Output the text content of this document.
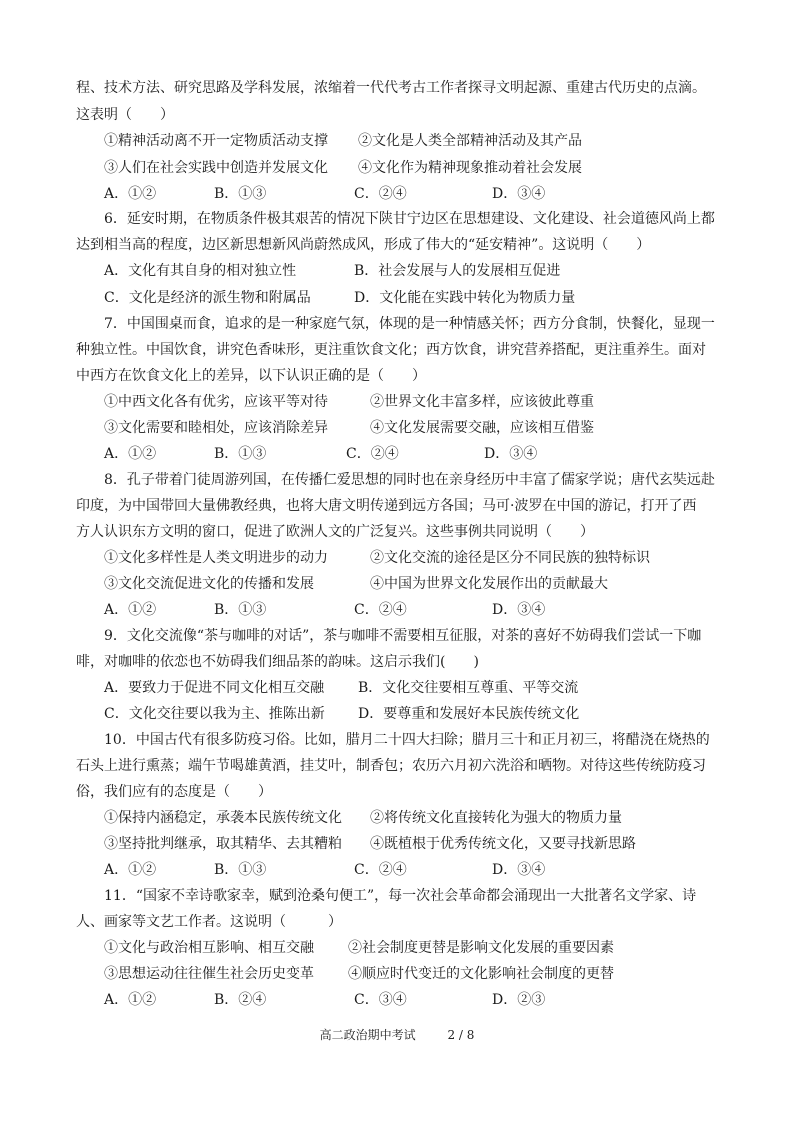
程、技术方法、研究思路及学科发展，浓缩着一代代考古工作者探寻文明起源、重建古代历史的点滴。
这表明（　　）
①精神活动离不开一定物质活动支撑 ②文化是人类全部精神活动及其产品
③人们在社会实践中创造并发展文化 ④文化作为精神现象推动着社会发展
A．①②	B．①③	C．②④	D．③④
6．延安时期，在物质条件极其艰苦的情况下陕甘宁边区在思想建设、文化建设、社会道德风尚上都
达到相当高的程度，边区新思想新风尚蔚然成风，形成了伟大的“延安精神”。这说明（　　）
A．文化有其自身的相对独立性	B．社会发展与人的发展相互促进
C．文化是经济的派生物和附属品	D．文化能在实践中转化为物质力量
7．中国围桌而食，追求的是一种家庭气氛，体现的是一种情感关怀；西方分食制，快餐化，显现一
种独立性。中国饮食，讲究色香味形，更注重饮食文化；西方饮食，讲究营养搭配，更注重养生。面对
中西方在饮食文化上的差异，以下认识正确的是（　　）
①中西文化各有优劣，应该平等对待	②世界文化丰富多样，应该彼此尊重
③文化需要和睦相处，应该消除差异	④文化发展需要交融，应该相互借鉴
A．①②	B．①③	C．②④	D．③④
8．孔子带着门徒周游列国，在传播仁爱思想的同时也在亲身经历中丰富了儒家学说；唐代玄奘远赴
印度，为中国带回大量佛教经典，也将大唐文明传递到远方各国；马可·波罗在中国的游记，打开了西
方人认识东方文明的窗口，促进了欧洲人文的广泛复兴。这些事例共同说明（　　）
①文化多样性是人类文明进步的动力	②文化交流的途径是区分不同民族的独特标识
③文化交流促进文化的传播和发展	④中国为世界文化发展作出的贡献最大
A．①②	B．①③	C．②④	D．③④
9．文化交流像“茶与咖啡的对话”，茶与咖啡不需要相互征服，对茶的喜好不妨碍我们尝试一下咖
啡，对咖啡的依恋也不妨碍我们细品茶的韵味。这启示我们(　　)
A．要致力于促进不同文化相互交融 B．文化交往要相互尊重、平等交流
C．文化交往要以我为主、推陈出新 D．要尊重和发展好本民族传统文化
10．中国古代有很多防疫习俗。比如，腊月二十四大扫除；腊月三十和正月初三，将醋浇在烧热的
石头上进行熏蒸；端午节喝雄黄酒，挂艾叶，制香包；农历六月初六洗浴和晒物。对待这些传统防疫习
俗，我们应有的态度是（　　）
①保持内涵稳定，承袭本民族传统文化 ②将传统文化直接转化为强大的物质力量
③坚持批判继承，取其精华、去其糟粕 ④既植根于优秀传统文化，又要寻找新思路
A．①②	B．①③	C．②④	D．③④
11．“国家不幸诗歌家幸，赋到沧桑句便工”，每一次社会革命都会涌现出一大批著名文学家、诗
人、画家等文艺工作者。这说明（　　　）
①文化与政治相互影响、相互交融 ②社会制度更替是影响文化发展的重要因素
③思想运动往往催生社会历史变革 ④顺应时代变迁的文化影响社会制度的更替
A．①②	B．②④	C．③④	D．②③
高二政治期中考试	2 / 8
